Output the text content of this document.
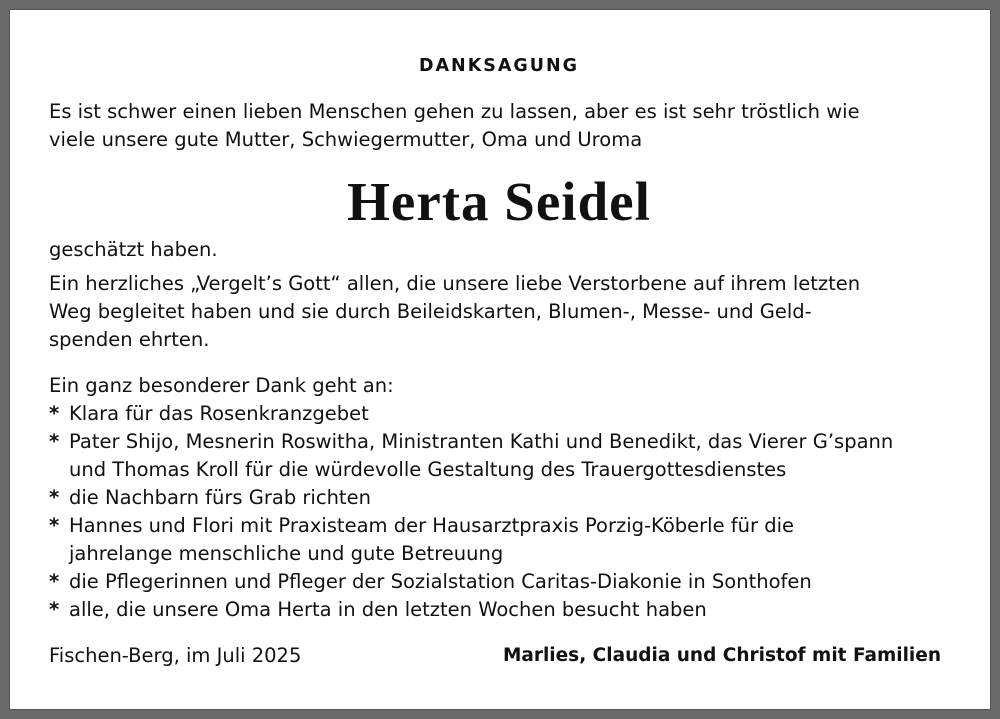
DANKSAGUNG
Es ist schwer einen lieben Menschen gehen zu lassen, aber es ist sehr tröstlich wie
viele unsere gute Mutter, Schwiegermutter, Oma und Uroma
Herta Seidel
geschätzt haben.
Ein herzliches „Vergelt’s Gott“ allen, die unsere liebe Verstorbene auf ihrem letzten
Weg begleitet haben und sie durch Beileidskarten, Blumen-, Messe- und Geld-
spenden ehrten.
Ein ganz besonderer Dank geht an:
* Klara für das Rosenkranzgebet
* Pater Shijo, Mesnerin Roswitha, Ministranten Kathi und Benedikt, das Vierer G’spann
und Thomas Kroll für die würdevolle Gestaltung des Trauergottesdienstes
* die Nachbarn fürs Grab richten
* Hannes und Flori mit Praxisteam der Hausarztpraxis Porzig-Köberle für die
jahrelange menschliche und gute Betreuung
* die Pflegerinnen und Pfleger der Sozialstation Caritas-Diakonie in Sonthofen
* alle, die unsere Oma Herta in den letzten Wochen besucht haben
Fischen-Berg, im Juli 2025	Marlies, Claudia und Christof mit Familien
